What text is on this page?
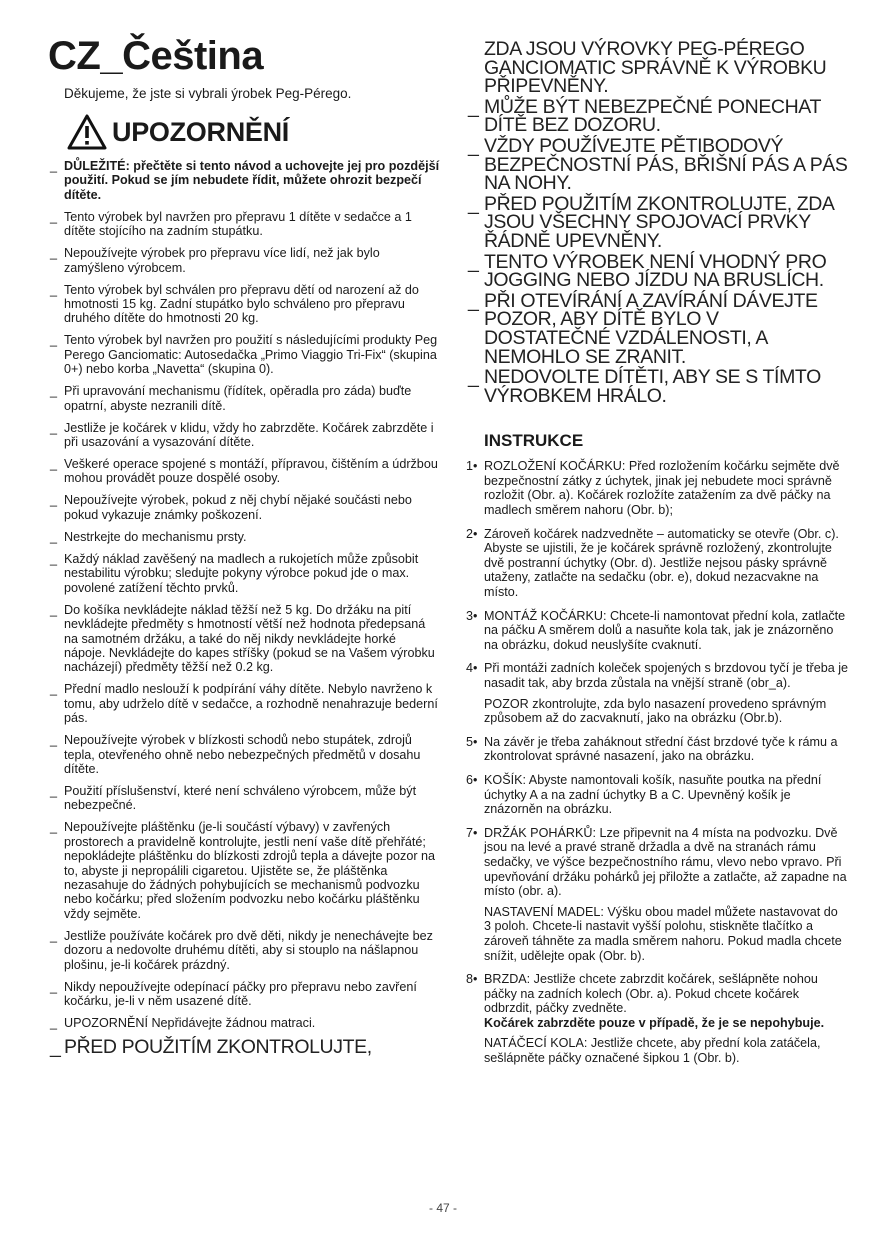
CZ_Čeština
Děkujeme, že jste si vybrali ýrobek Peg-Pérego.
UPOZORNĚNÍ
_ DŮLEŽITÉ: přečtěte si tento návod a uchovejte jej pro pozdější použití. Pokud se jím nebudete řídit, můžete ohrozit bezpečí dítěte.
_ Tento výrobek byl navržen pro přepravu 1 dítěte v sedačce a 1 dítěte stojícího na zadním stupátku.
_ Nepoužívejte výrobek pro přepravu více lidí, než jak bylo zamýšleno výrobcem.
_ Tento výrobek byl schválen pro přepravu dětí od narození až do hmotnosti 15 kg. Zadní stupátko bylo schváleno pro přepravu druhého dítěte do hmotnosti 20 kg.
_ Tento výrobek byl navržen pro použití s následujícími produkty Peg Perego Ganciomatic: Autosedačka „Primo Viaggio Tri-Fix“ (skupina 0+) nebo korba „Navetta“ (skupina 0).
_ Při upravování mechanismu (řídítek, opěradla pro záda) buďte opatrní, abyste nezranili dítě.
_ Jestliže je kočárek v klidu, vždy ho zabrzděte. Kočárek zabrzděte i při usazování a vysazování dítěte.
_ Veškeré operace spojené s montáží, přípravou, čištěním a údržbou mohou provádět pouze dospělé osoby.
_ Nepoužívejte výrobek, pokud z něj chybí nějaké součásti nebo pokud vykazuje známky poškození.
_ Nestrkejte do mechanismu prsty.
_ Každý náklad zavěšený na madlech a rukojetích může způsobit nestabilitu výrobku; sledujte pokyny výrobce pokud jde o max. povolené zatížení těchto prvků.
_ Do košíka nevkládejte náklad těžší než 5 kg. Do držáku na pití nevkládejte předměty s hmotností větší než hodnota předepsaná na samotném držáku, a také do něj nikdy nevkládejte horké nápoje. Nevkládejte do kapes stříšky (pokud se na Vašem výrobku nacházejí) předměty těžší než 0.2 kg.
_ Přední madlo neslouží k podpírání váhy dítěte. Nebylo navrženo k tomu, aby udrželo dítě v sedačce, a rozhodně nenahrazuje bederní pás.
_ Nepoužívejte výrobek v blízkosti schodů nebo stupátek, zdrojů tepla, otevřeného ohně nebo nebezpečných předmětů v dosahu dítěte.
_ Použití příslušenství, které není schváleno výrobcem, může být nebezpečné.
_ Nepoužívejte pláštěnku (je-li součástí výbavy) v zavřených prostorech a pravidelně kontrolujte, jestli není vaše dítě přehřáté; nepokládejte pláštěnku do blízkosti zdrojů tepla a dávejte pozor na to, abyste ji nepropálili cigaretou. Ujistěte se, že pláštěnka nezasahuje do žádných pohybujících se mechanismů podvozku nebo kočárku; před složením podvozku nebo kočárku pláštěnku vždy sejměte.
_ Jestliže používáte kočárek pro dvě děti, nikdy je nenechávejte bez dozoru a nedovolte druhému dítěti, aby si stouplo na nášlapnou plošinu, je-li kočárek prázdný.
_ Nikdy nepoužívejte odepínací páčky pro přepravu nebo zavření kočárku, je-li v něm usazené dítě.
_ UPOZORNĚNÍ Nepřidávejte žádnou matraci.
_ PŘED POUŽITÍM ZKONTROLUJTE,
ZDA JSOU VÝROVKY PEG-PÉREGO GANCIOMATIC SPRÁVNĚ K VÝROBKU PŘIPEVNĚNY.
_ MŮŽE BÝT NEBEZPEČNÉ PONECHAT DÍTĚ BEZ DOZORU.
_ VŽDY POUŽÍVEJTE PĚTIBODOVÝ BEZPEČNOSTNÍ PÁS, BŘIŠNÍ PÁS A PÁS NA NOHY.
_ PŘED POUŽITÍM ZKONTROLUJTE, ZDA JSOU VŠECHNY SPOJOVACÍ PRVKY ŘÁDNĚ UPEVNĚNY.
_ TENTO VÝROBEK NENÍ VHODNÝ PRO JOGGING NEBO JÍZDU NA BRUSLÍCH.
_ PŘI OTEVÍRÁNÍ A ZAVÍRÁNÍ DÁVEJTE POZOR, ABY DÍTĚ BYLO V DOSTATEČNÉ VZDÁLENOSTI, A NEMOHLO SE ZRANIT.
_ NEDOVOLTE DÍTĚTI, ABY SE S TÍMTO VÝROBKEM HRÁLO.
INSTRUKCE
1• ROZLOŽENÍ KOČÁRKU: Před rozložením kočárku sejměte dvě bezpečnostní zátky z úchytek, jinak jej nebudete moci správně rozložit (Obr. a). Kočárek rozložíte zatažením za dvě páčky na madlech směrem nahoru (Obr. b);

2• Zároveň kočárek nadzvedněte – automaticky se otevře (Obr. c). Abyste se ujistili, že je kočárek správně rozložený, zkontrolujte dvě postranní úchytky (Obr. d). Jestliže nejsou pásky správně utaženy, zatlačte na sedačku (obr. e), dokud nezacvakne na místo.

3• MONTÁŽ KOČÁRKU: Chcete-li namontovat přední kola, zatlačte na páčku A směrem dolů a nasuňte kola tak, jak je znázorněno na obrázku, dokud neuslyšíte cvaknutí.

4• Při montáži zadních koleček spojených s brzdovou tyčí je třeba je nasadit tak, aby brzda zůstala na vnější straně (obr_a).

POZOR zkontrolujte, zda bylo nasazení provedeno správným způsobem až do zacvaknutí, jako na obrázku (Obr.b).

5• Na závěr je třeba zaháknout střední část brzdové tyče k rámu a zkontrolovat správné nasazení, jako na obrázku.

6• KOŠÍK: Abyste namontovali košík, nasuňte poutka na přední úchytky A a na zadní úchytky B a C. Upevněný košík je znázorněn na obrázku.

7• DRŽÁK POHÁRKŮ: Lze připevnit na 4 místa na podvozku. Dvě jsou na levé a pravé straně držadla a dvě na stranách rámu sedačky, ve výšce bezpečnostního rámu, vlevo nebo vpravo. Při upevňování držáku pohárků jej přiložte a zatlačte, až zapadne na místo (obr. a).

NASTAVENÍ MADEL: Výšku obou madel můžete nastavovat do 3 poloh. Chcete-li nastavit vyšší polohu, stiskněte tlačítko a zároveň táhněte za madla směrem nahoru. Pokud madla chcete snížit, udělejte opak (Obr. b).

8• BRZDA: Jestliže chcete zabrzdit kočárek, sešlápněte nohou páčky na zadních kolech (Obr. a). Pokud chcete kočárek odbrzdit, páčky zvedněte.
Kočárek zabrzděte pouze v případě, že je se nepohybuje.

NATÁČECÍ KOLA: Jestliže chcete, aby přední kola zatáčela, sešlápněte páčky označené šipkou 1 (Obr. b).

- 47 -
